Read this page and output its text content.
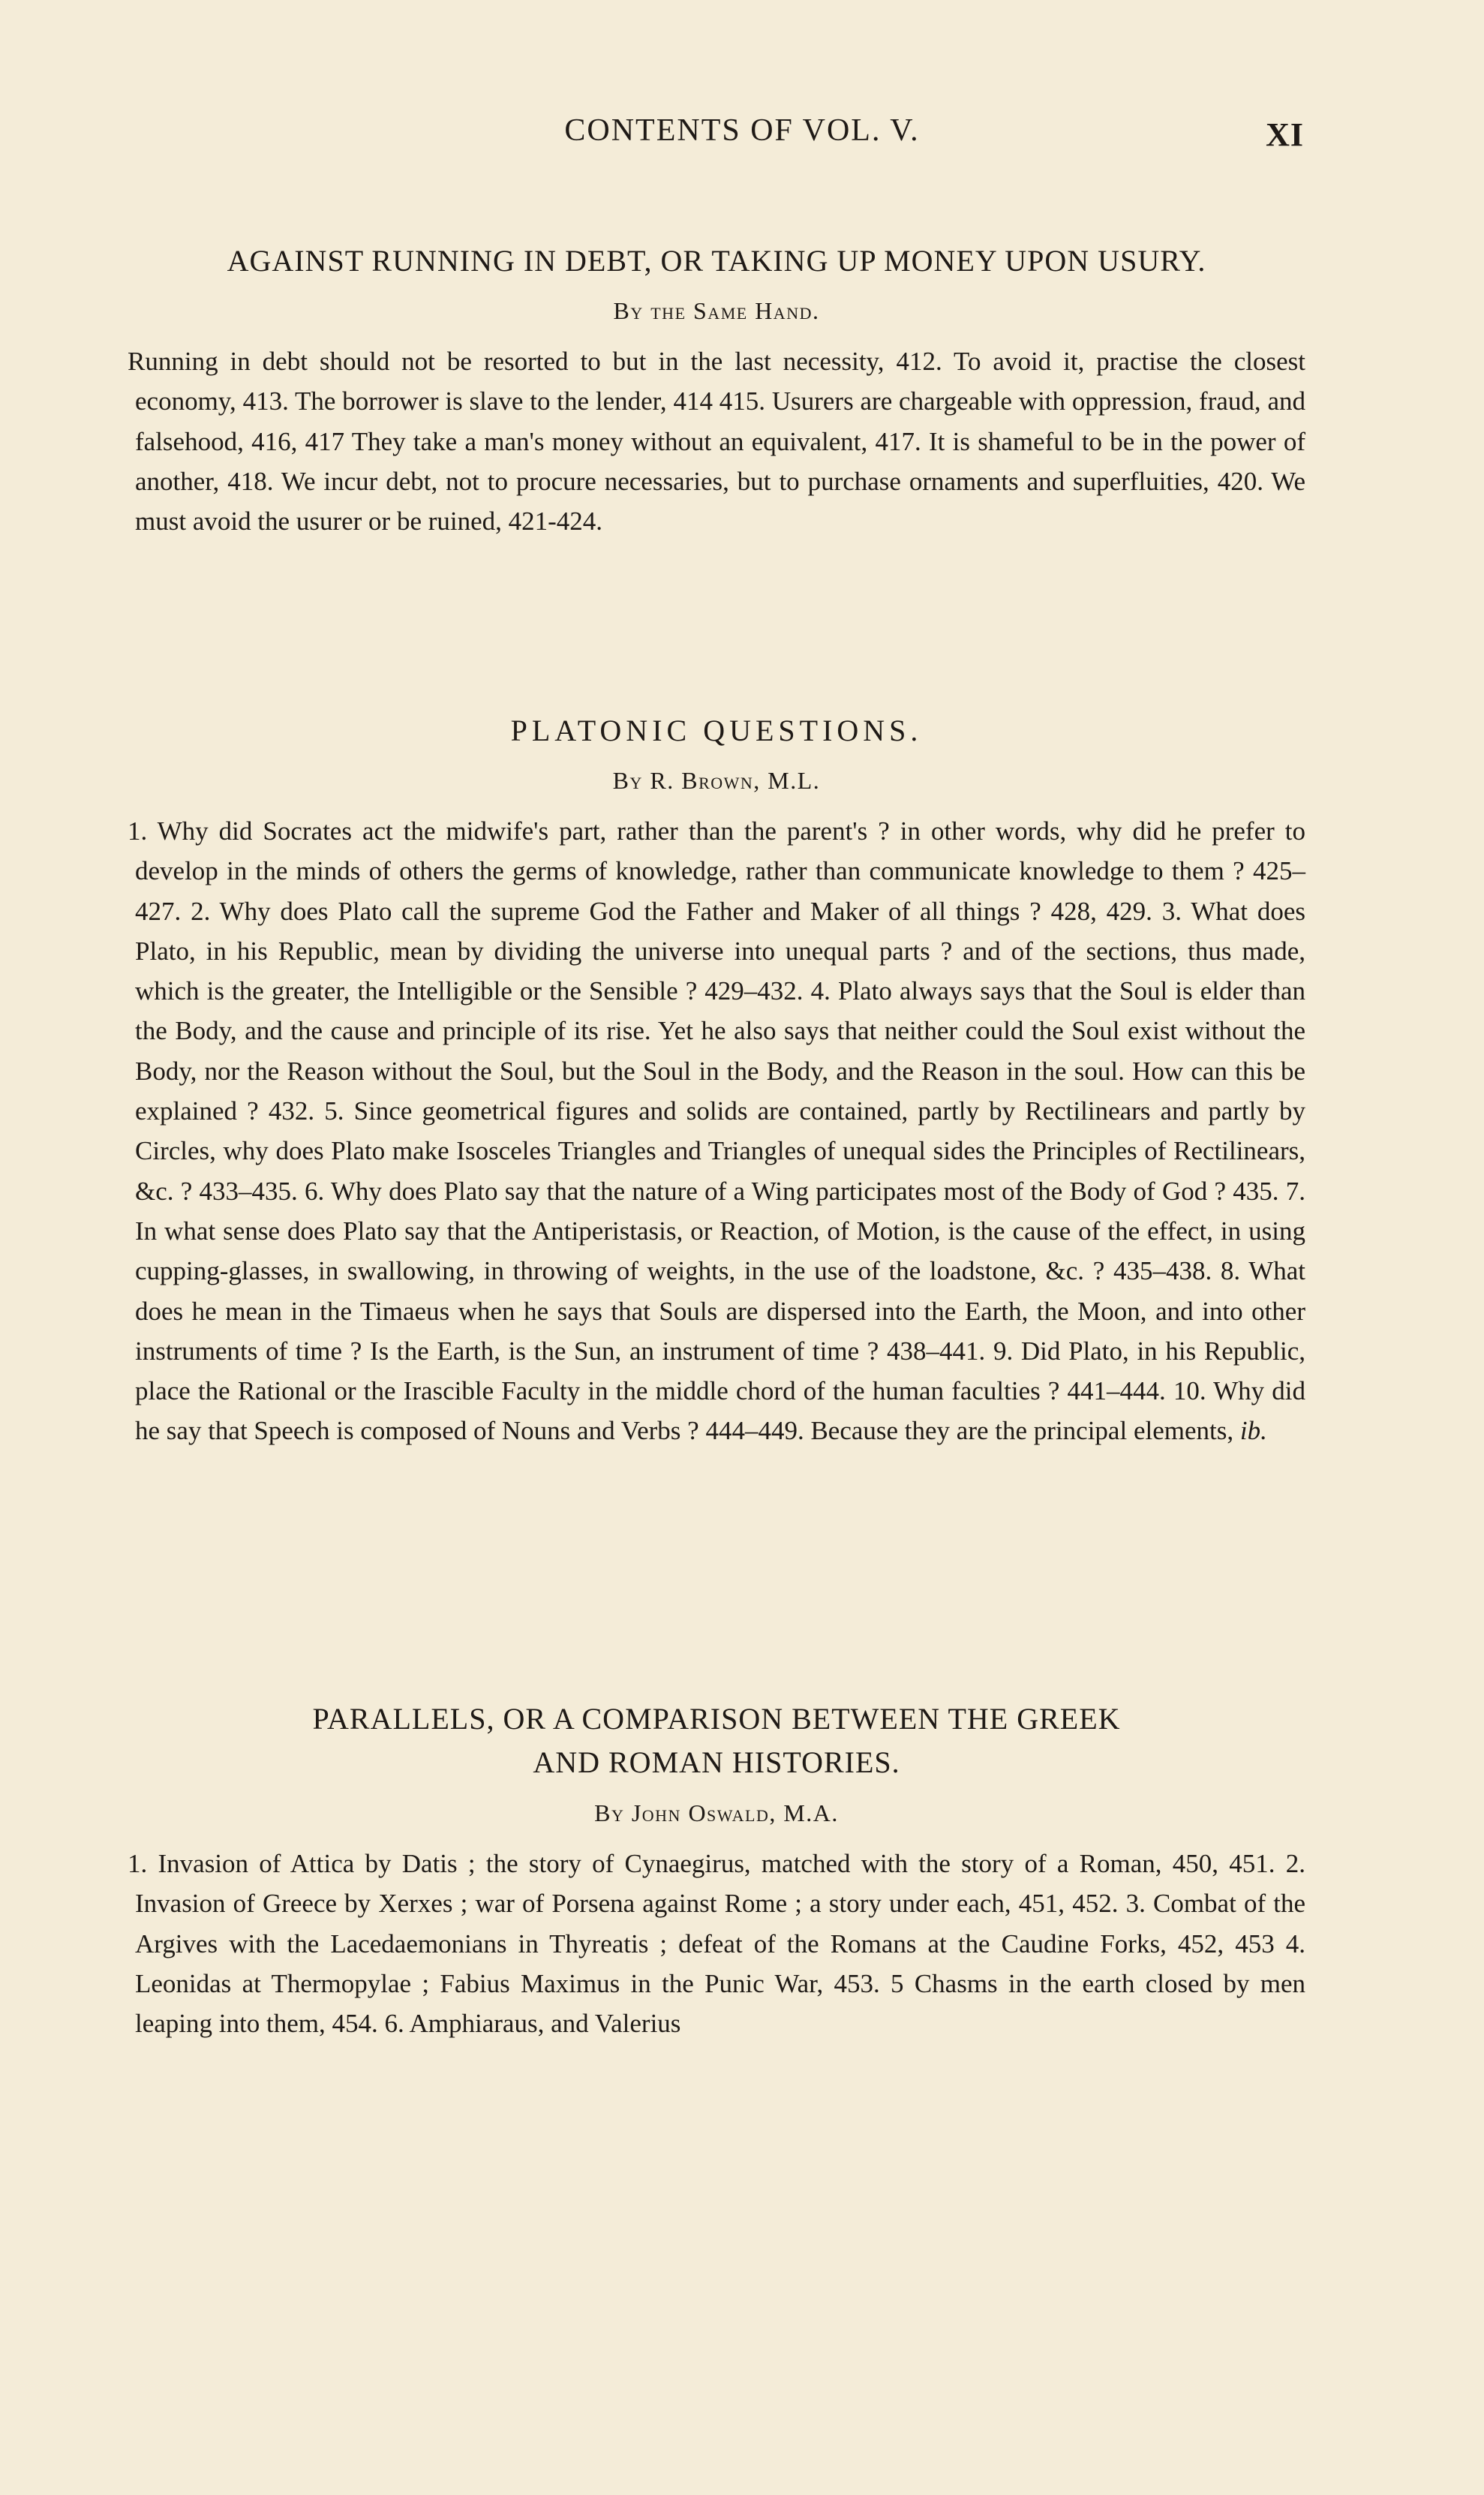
CONTENTS OF VOL. V.	XI
AGAINST RUNNING IN DEBT, OR TAKING UP MONEY UPON USURY.
By the Same Hand.

Running in debt should not be resorted to but in the last necessity, 412. To avoid it, practise the closest economy, 413. The borrower is slave to the lender, 414 415. Usurers are chargeable with oppression, fraud, and falsehood, 416, 417 They take a man's money without an equivalent, 417. It is shameful to be in the power of another, 418. We incur debt, not to procure necessaries, but to purchase ornaments and superfluities, 420. We must avoid the usurer or be ruined, 421-424.

PLATONIC QUESTIONS.
By R. Brown, M.L.

1. Why did Socrates act the midwife's part, rather than the parent's ? in other words, why did he prefer to develop in the minds of others the germs of knowledge, rather than communicate knowledge to them ? 425–427. 2. Why does Plato call the supreme God the Father and Maker of all things ? 428, 429. 3. What does Plato, in his Republic, mean by dividing the universe into unequal parts ? and of the sections, thus made, which is the greater, the Intelligible or the Sensible ? 429–432. 4. Plato always says that the Soul is elder than the Body, and the cause and principle of its rise. Yet he also says that neither could the Soul exist without the Body, nor the Reason without the Soul, but the Soul in the Body, and the Reason in the soul. How can this be explained ? 432. 5. Since geometrical figures and solids are contained, partly by Rectilinears and partly by Circles, why does Plato make Isosceles Triangles and Triangles of unequal sides the Principles of Rectilinears, &c. ? 433–435. 6. Why does Plato say that the nature of a Wing participates most of the Body of God ? 435. 7. In what sense does Plato say that the Antiperistasis, or Reaction, of Motion, is the cause of the effect, in using cupping-glasses, in swallowing, in throwing of weights, in the use of the loadstone, &c. ? 435–438. 8. What does he mean in the Timaeus when he says that Souls are dispersed into the Earth, the Moon, and into other instruments of time ? Is the Earth, is the Sun, an instrument of time ? 438–441. 9. Did Plato, in his Republic, place the Rational or the Irascible Faculty in the middle chord of the human faculties ? 441–444. 10. Why did he say that Speech is composed of Nouns and Verbs ? 444–449. Because they are the principal elements, ib.

PARALLELS, OR A COMPARISON BETWEEN THE GREEK
AND ROMAN HISTORIES.
By John Oswald, M.A.

1. Invasion of Attica by Datis ; the story of Cynaegirus, matched with the story of a Roman, 450, 451. 2. Invasion of Greece by Xerxes ; war of Porsena against Rome ; a story under each, 451, 452. 3. Combat of the Argives with the Lacedaemonians in Thyreatis ; defeat of the Romans at the Caudine Forks, 452, 453 4. Leonidas at Thermopylae ; Fabius Maximus in the Punic War, 453. 5 Chasms in the earth closed by men leaping into them, 454. 6. Amphiaraus, and Valerius
